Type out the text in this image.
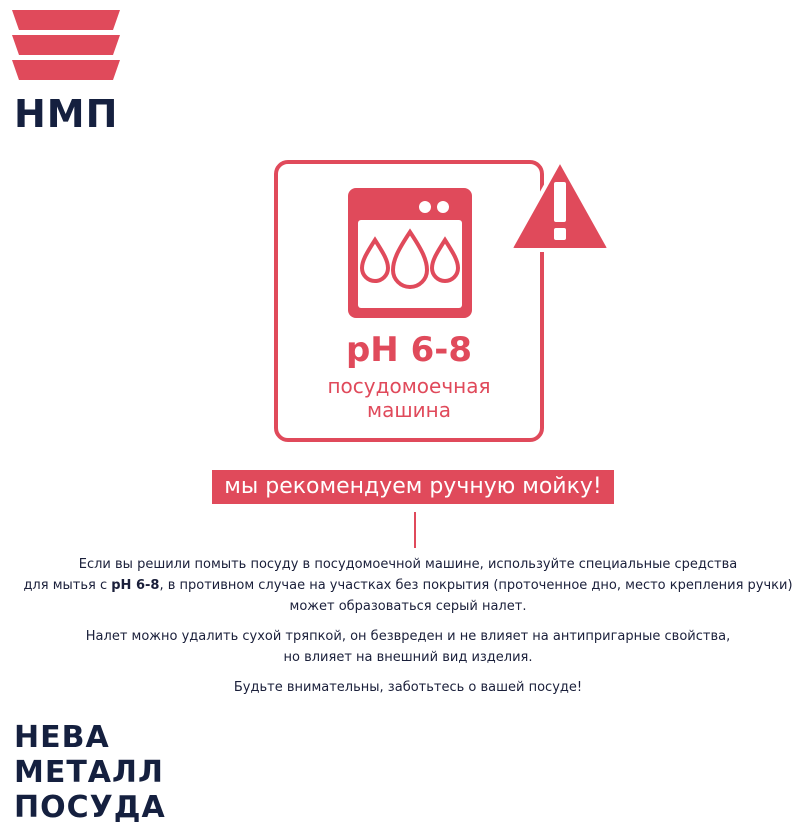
НМП
pH 6-8
посудомоечная
машина
мы рекомендуем ручную мойку!

Если вы решили помыть посуду в посудомоечной машине, используйте специальные средства
для мытья с pH 6-8, в противном случае на участках без покрытия (проточенное дно, место крепления ручки)
может образоваться серый налет.

Налет можно удалить сухой тряпкой, он безвреден и не влияет на антипригарные свойства,
но влияет на внешний вид изделия.

Будьте внимательны, заботьтесь о вашей посуде!

НЕВА
МЕТАЛЛ
ПОСУДА
